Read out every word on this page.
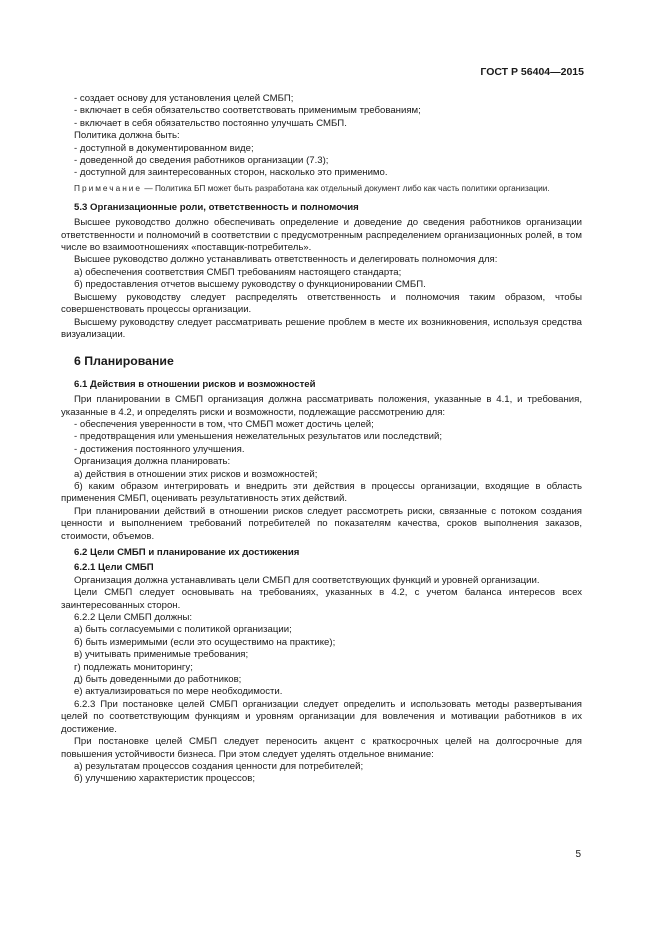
ГОСТ Р 56404—2015

- создает основу для установления целей СМБП;

- включает в себя обязательство соответствовать применимым требованиям;

- включает в себя обязательство постоянно улучшать СМБП.

Политика должна быть:

- доступной в документированном виде;

- доведенной до сведения работников организации (7.3);

- доступной для заинтересованных сторон, насколько это применимо.

Примечание — Политика БП может быть разработана как отдельный документ либо как часть политики организации.

5.3 Организационные роли, ответственность и полномочия

Высшее руководство должно обеспечивать определение и доведение до сведения работников организации ответственности и полномочий в соответствии с предусмотренным распределением организационных ролей, в том числе во взаимоотношениях «поставщик-потребитель».

Высшее руководство должно устанавливать ответственность и делегировать полномочия для:

а) обеспечения соответствия СМБП требованиям настоящего стандарта;

б) предоставления отчетов высшему руководству о функционировании СМБП.

Высшему руководству следует распределять ответственность и полномочия таким образом, чтобы совершенствовать процессы организации.

Высшему руководству следует рассматривать решение проблем в месте их возникновения, используя средства визуализации.

6 Планирование

6.1 Действия в отношении рисков и возможностей

При планировании в СМБП организация должна рассматривать положения, указанные в 4.1, и требования, указанные в 4.2, и определять риски и возможности, подлежащие рассмотрению для:

- обеспечения уверенности в том, что СМБП может достичь целей;

- предотвращения или уменьшения нежелательных результатов или последствий;

- достижения постоянного улучшения.

Организация должна планировать:

а) действия в отношении этих рисков и возможностей;

б) каким образом интегрировать и внедрить эти действия в процессы организации, входящие в область применения СМБП, оценивать результативность этих действий.

При планировании действий в отношении рисков следует рассмотреть риски, связанные с потоком создания ценности и выполнением требований потребителей по показателям качества, сроков выполнения заказов, стоимости, объемов.

6.2 Цели СМБП и планирование их достижения

6.2.1 Цели СМБП

Организация должна устанавливать цели СМБП для соответствующих функций и уровней организации.

Цели СМБП следует основывать на требованиях, указанных в 4.2, с учетом баланса интересов всех заинтересованных сторон.

6.2.2 Цели СМБП должны:

а) быть согласуемыми с политикой организации;

б) быть измеримыми (если это осуществимо на практике);

в) учитывать применимые требования;

г) подлежать мониторингу;

д) быть доведенными до работников;

е) актуализироваться по мере необходимости.

6.2.3 При постановке целей СМБП организации следует определить и использовать методы развертывания целей по соответствующим функциям и уровням организации для вовлечения и мотивации работников в их достижение.

При постановке целей СМБП следует переносить акцент с краткосрочных целей на долгосрочные для повышения устойчивости бизнеса. При этом следует уделять отдельное внимание:

а) результатам процессов создания ценности для потребителей;

б) улучшению характеристик процессов;

5
